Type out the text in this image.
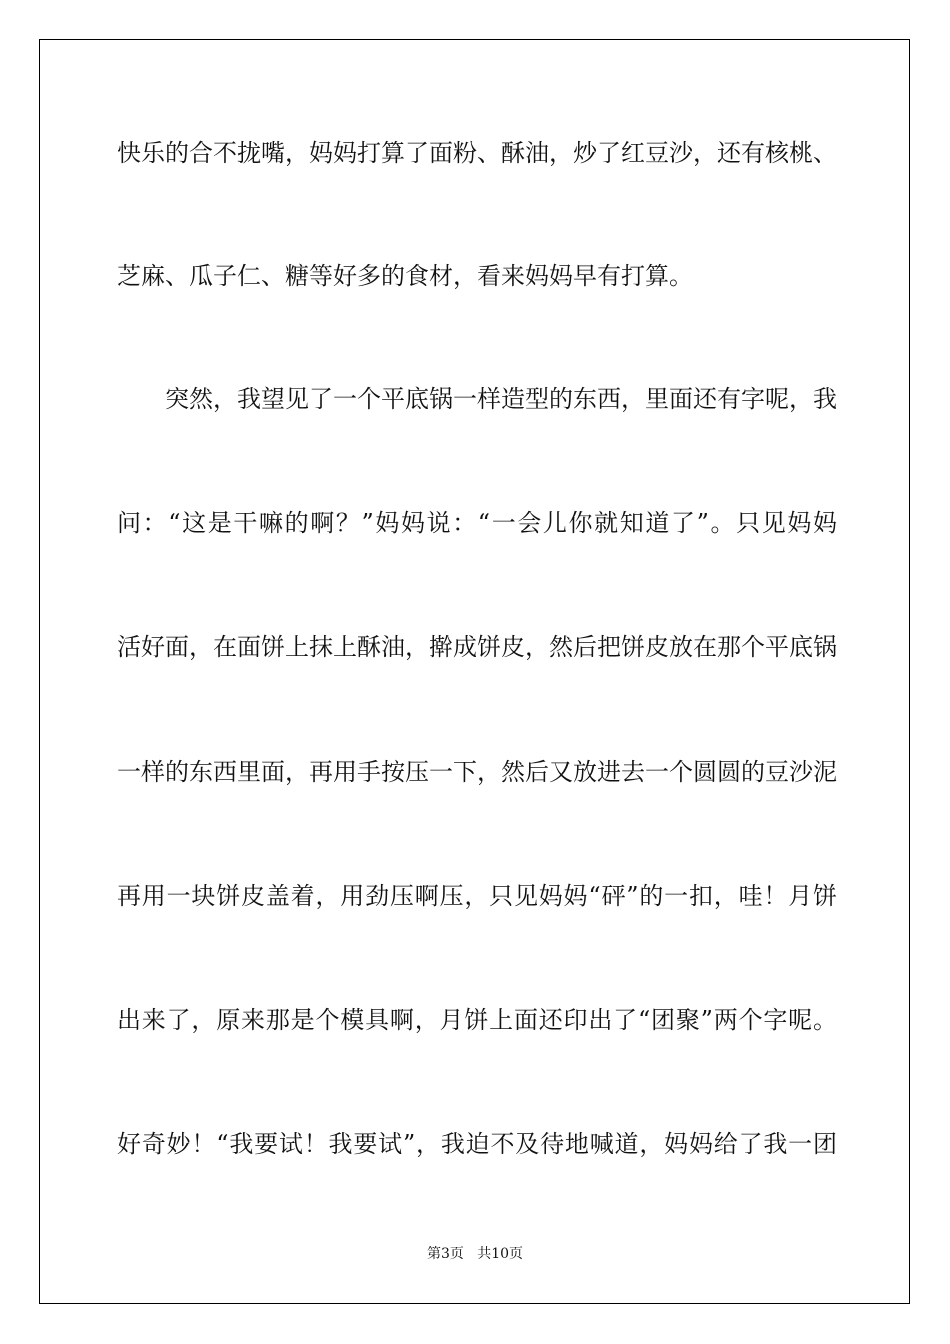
快乐的合不拢嘴，妈妈打算了面粉、酥油，炒了红豆沙，还有核桃、
芝麻、瓜子仁、糖等好多的食材，看来妈妈早有打算。
突然，我望见了一个平底锅一样造型的东西，里面还有字呢，我
问：“这是干嘛的啊？”妈妈说：“一会儿你就知道了”。只见妈妈
活好面，在面饼上抹上酥油，擀成饼皮，然后把饼皮放在那个平底锅
一样的东西里面，再用手按压一下，然后又放进去一个圆圆的豆沙泥
再用一块饼皮盖着，用劲压啊压，只见妈妈“砰”的一扣，哇！月饼
出来了，原来那是个模具啊，月饼上面还印出了“团聚”两个字呢。
好奇妙！“我要试！我要试”，我迫不及待地喊道，妈妈给了我一团
第3页   共10页
